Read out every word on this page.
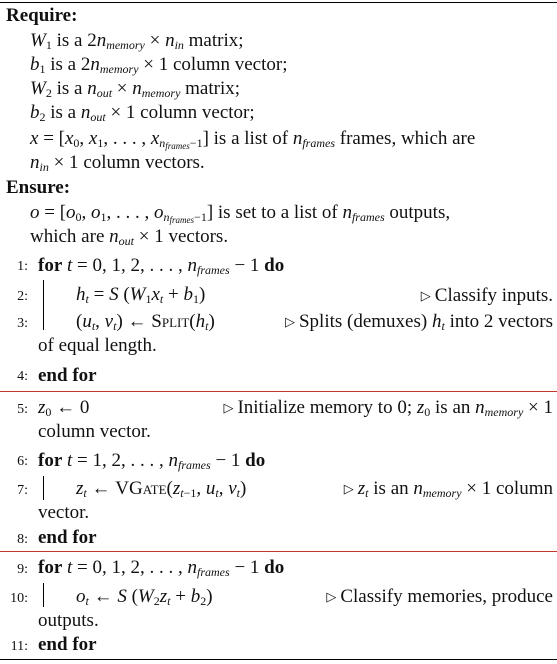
Require:
$W_1$ is a $2n_{memory} \times n_{in}$ matrix;
$b_1$ is a $2n_{memory} \times 1$ column vector;
$W_2$ is a $n_{out} \times n_{memory}$ matrix;
$b_2$ is a $n_{out} \times 1$ column vector;
$x = [x_0$, $x_1$, . . . , $x_{n_{frames}-1}$] is a list of $n_{frames}$ frames, which are
$n_{in} \times 1$ column vectors.
Ensure:
$o = [o_0$, $o_1$, . . . , $o_{n_{frames}-1}$] is set to a list of $n_{frames}$ outputs,
which are $n_{out} \times 1$ vectors.
1: for t = 0, 1, 2, . . . , $n_{frames} - 1$ do
2:	$h_t = S$ $(W_1x_t + b_1)$	▷ Classify inputs.
3:	($u_t$, $v_t$) ← $Split(h_t)$	▷ Splits (demuxes) $h_t$ into 2 vectors
of equal length.
4: end for
5: $z_0$ ← 0	▷ Initialize memory to 0; $z_0$ is an $n_{memory} \times 1$
column vector.
6: for t = 1, 2, . . . , $n_{frames} - 1$ do
7:	$z_t$ ← $VGate(z_{t-1}$, $u_t$, $v_t$)	▷ $z_t$ is an $n_{memory} \times 1$ column
vector.
8: end for
9: for t = 0, 1, 2, . . . , $n_{frames} - 1$ do
10:	$o_t$ ← S $(W_2z_t + b_2)$	▷ Classify memories, produce
outputs.
11: end for
